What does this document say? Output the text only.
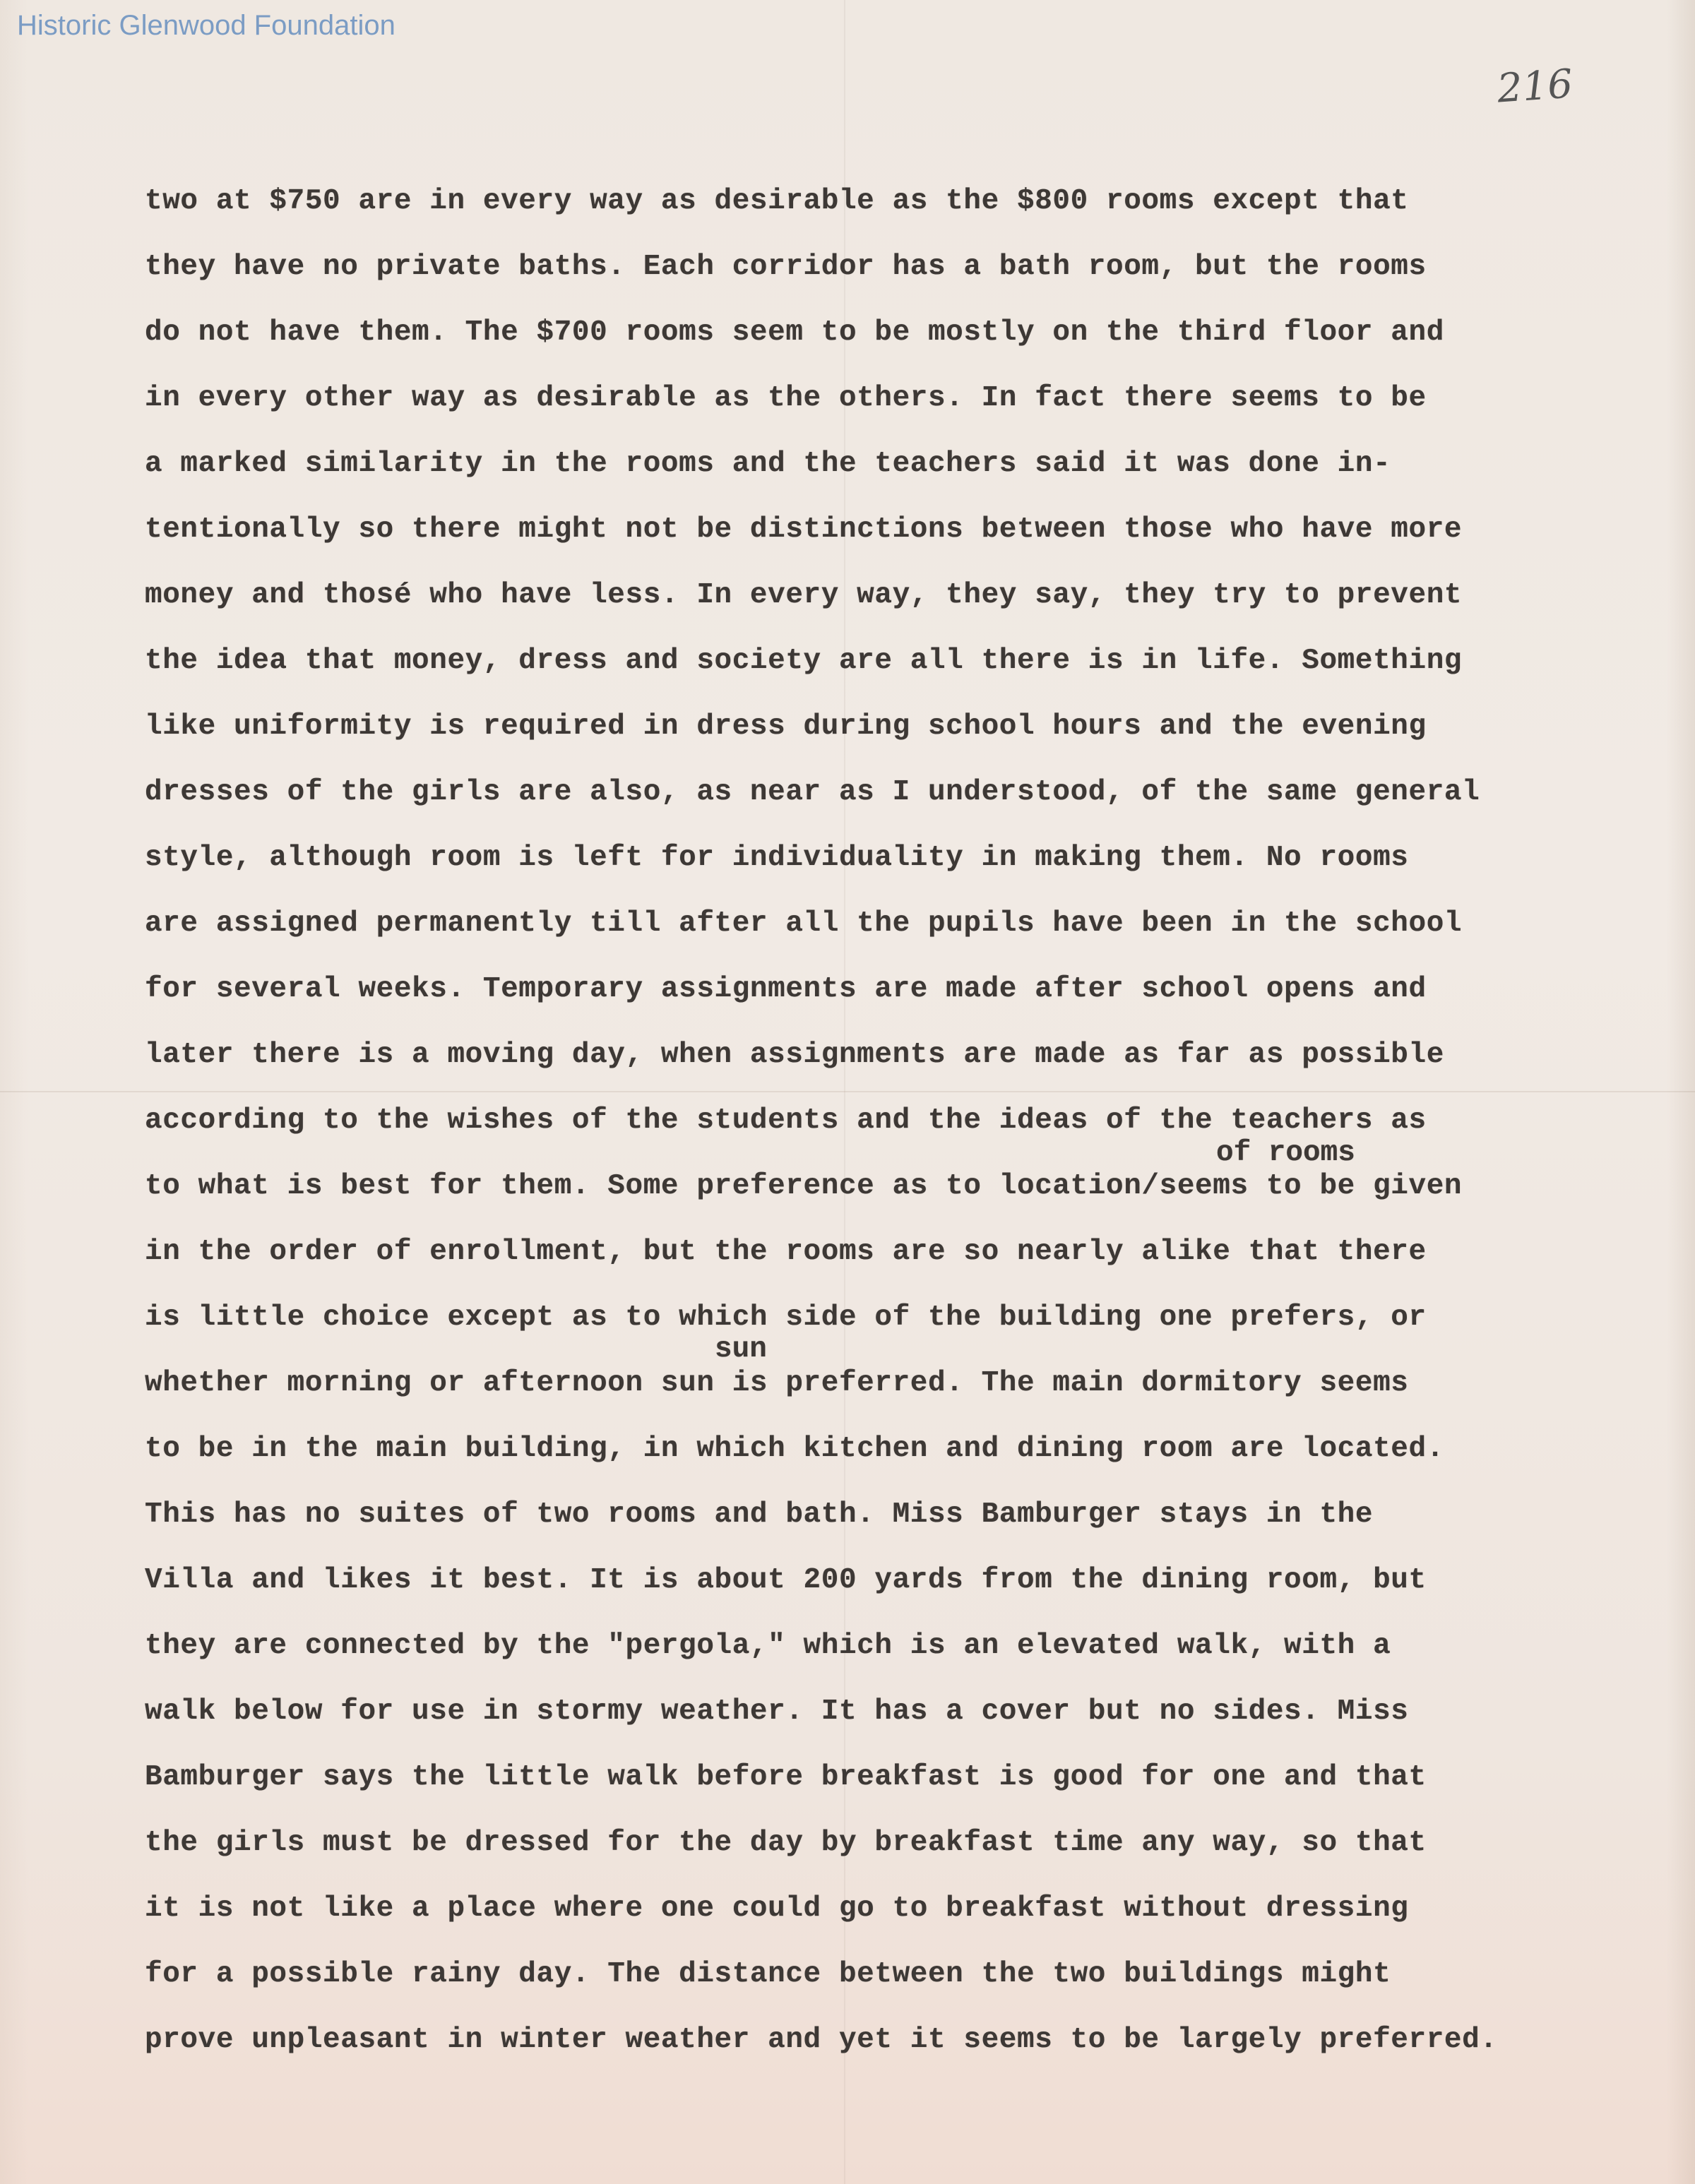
Historic Glenwood Foundation
216
two at $750 are in every way as desirable as the $800 rooms except that
they have no private baths. Each corridor has a bath room, but the rooms
do not have them. The $700 rooms seem to be mostly on the third floor and
in every other way as desirable as the others. In fact there seems to be
a marked similarity in the rooms and the teachers said it was done in-
tentionally so there might not be distinctions between those who have more
money and thosé who have less. In every way, they say, they try to prevent
the idea that money, dress and society are all there is in life. Something
like uniformity is required in dress during school hours and the evening
dresses of the girls are also, as near as I understood, of the same general
style, although room is left for individuality in making them. No rooms
are assigned permanently till after all the pupils have been in the school
for several weeks. Temporary assignments are made after school opens and
later there is a moving day, when assignments are made as far as possible
according to the wishes of the students and the ideas of the teachers as
to what is best for them. Some preference as to location/seems to be given
in the order of enrollment, but the rooms are so nearly alike that there
is little choice except as to which side of the building one prefers, or
whether morning or afternoon sun is preferred. The main dormitory seems
to be in the main building, in which kitchen and dining room are located.
This has no suites of two rooms and bath. Miss Bamburger stays in the
Villa and likes it best. It is about 200 yards from the dining room, but
they are connected by the "pergola," which is an elevated walk, with a
walk below for use in stormy weather. It has a cover but no sides. Miss
Bamburger says the little walk before breakfast is good for one and that
the girls must be dressed for the day by breakfast time any way, so that
it is not like a place where one could go to breakfast without dressing
for a possible rainy day. The distance between the two buildings might
prove unpleasant in winter weather and yet it seems to be largely preferred.
of rooms
sun
